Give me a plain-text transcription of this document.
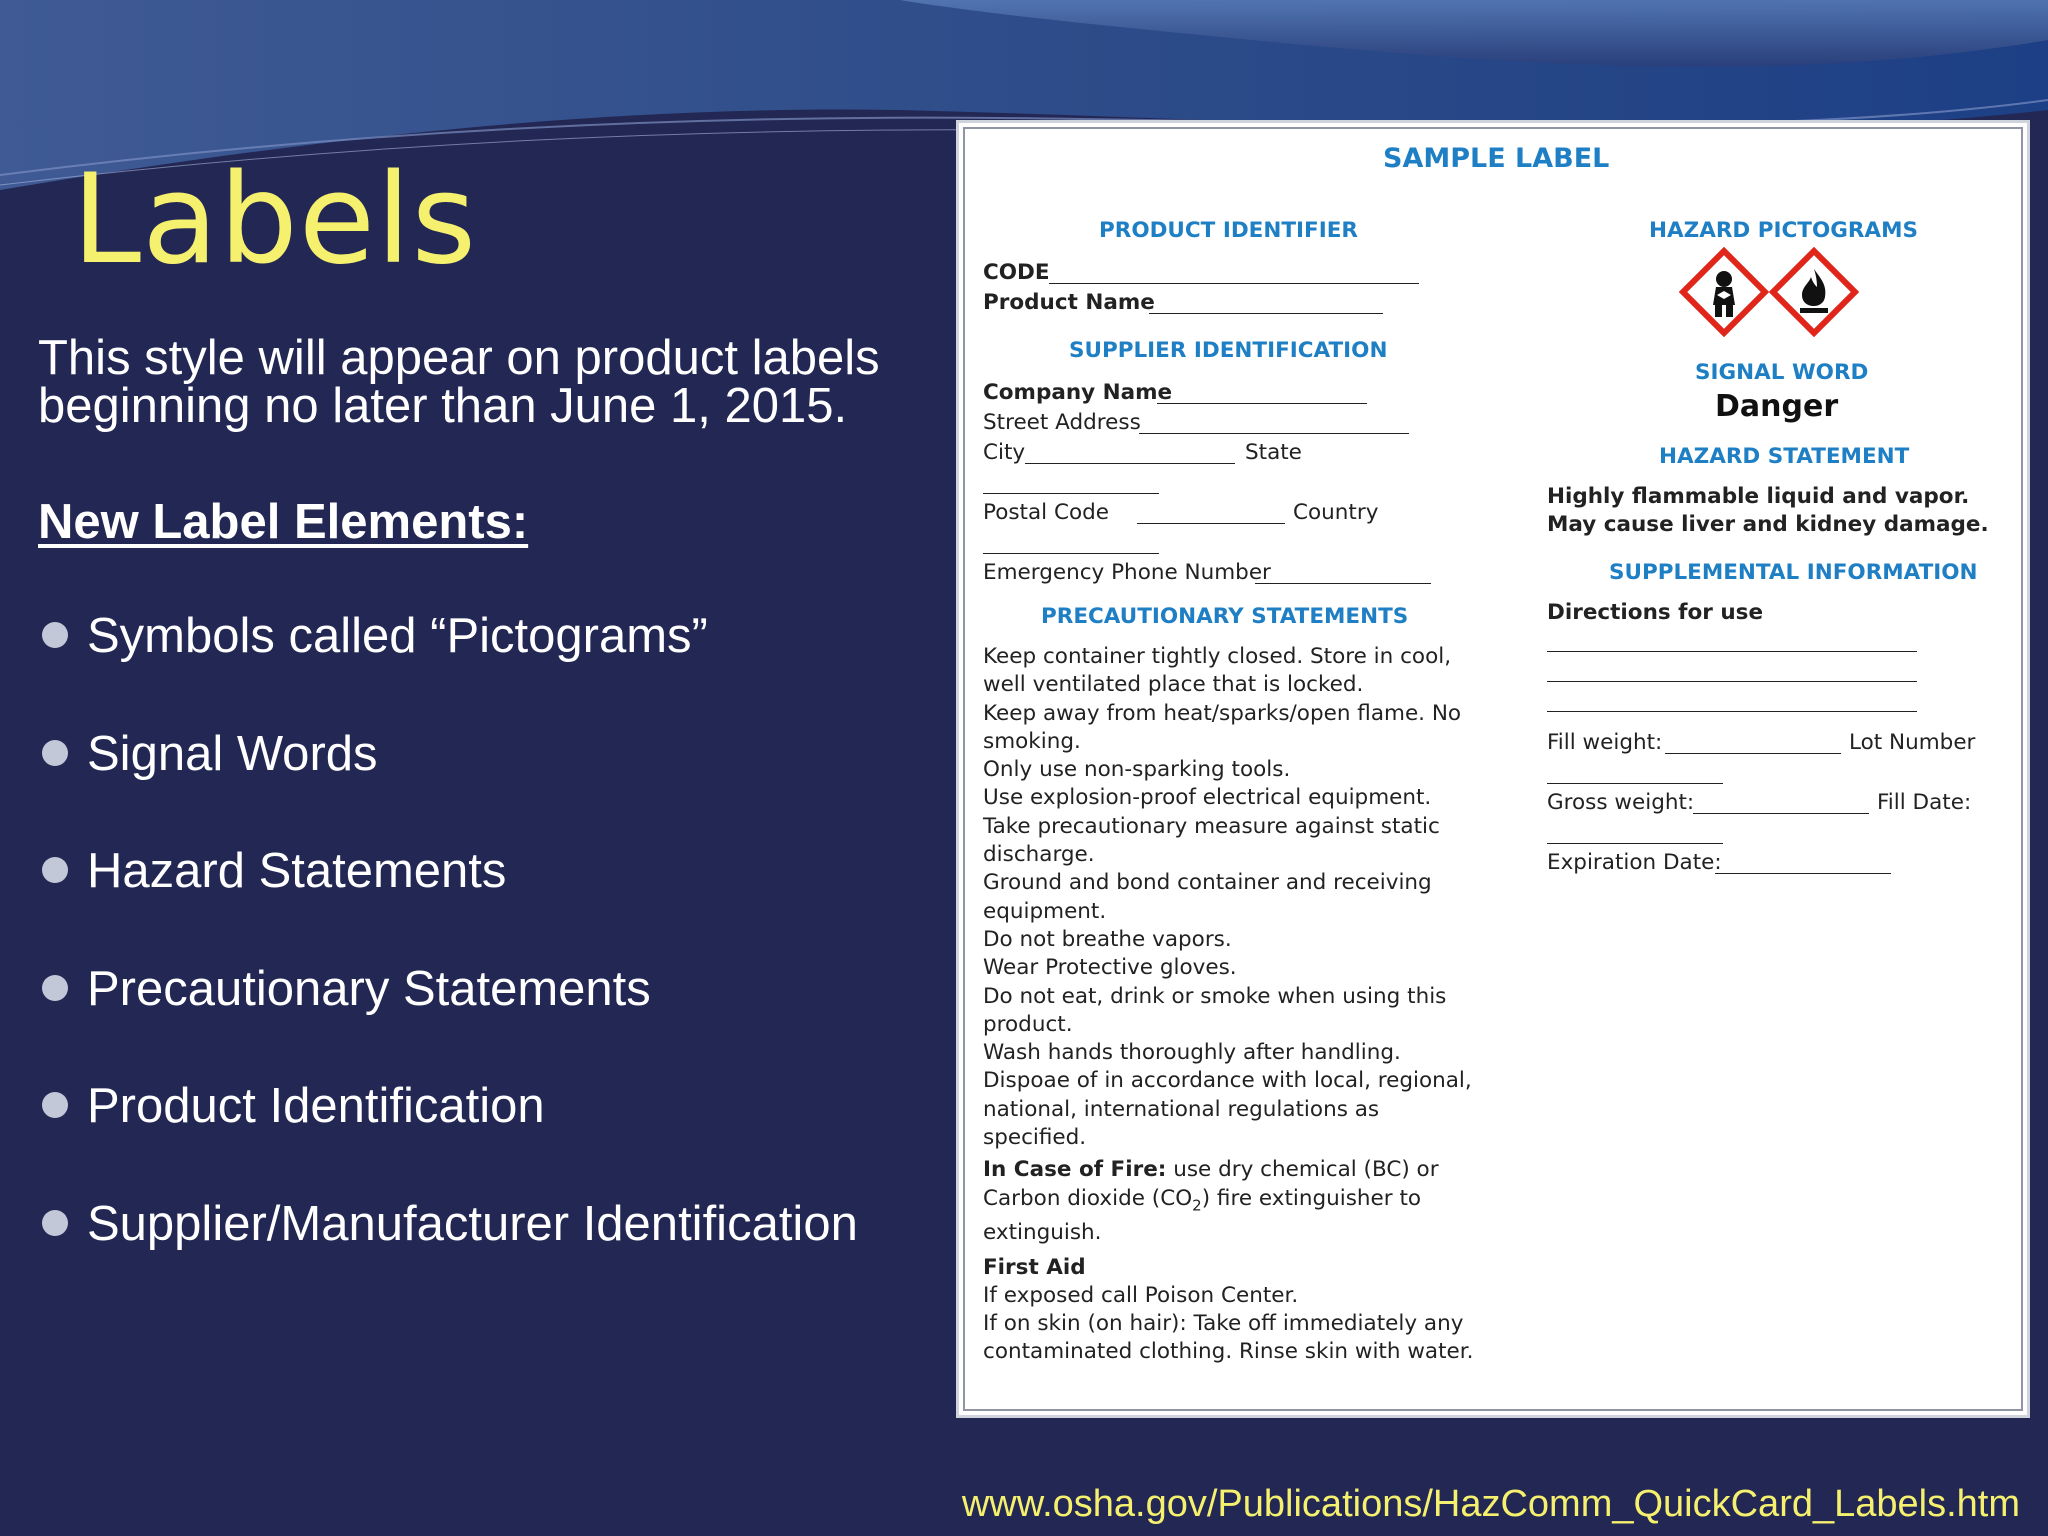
Labels
This style will appear on product labels
beginning no later than June 1, 2015.
New Label Elements:
Symbols called “Pictograms”
Signal Words
Hazard Statements
Precautionary Statements
Product Identification
Supplier/Manufacturer Identification
www.osha.gov/Publications/HazComm_QuickCard_Labels.htm
SAMPLE LABEL
PRODUCT IDENTIFIER
CODE
Product Name
SUPPLIER IDENTIFICATION
Company Name
Street Address
City	State
Postal Code	Country
Emergency Phone Number
PRECAUTIONARY STATEMENTS
Keep container tightly closed. Store in cool,
well ventilated place that is locked.
Keep away from heat/sparks/open flame. No
smoking.
Only use non-sparking tools.
Use explosion-proof electrical equipment.
Take precautionary measure against static
discharge.
Ground and bond container and receiving
equipment.
Do not breathe vapors.
Wear Protective gloves.
Do not eat, drink or smoke when using this
product.
Wash hands thoroughly after handling.
Dispoae of in accordance with local, regional,
national, international regulations as
specified.
In Case of Fire: use dry chemical (BC) or
Carbon dioxide $(CO_2)$ fire extinguisher to
extinguish.
First Aid
If exposed call Poison Center.
If on skin (on hair): Take off immediately any
contaminated clothing. Rinse skin with water.
HAZARD PICTOGRAMS
SIGNAL WORD
Danger
HAZARD STATEMENT
Highly flammable liquid and vapor.
May cause liver and kidney damage.
SUPPLEMENTAL INFORMATION
Directions for use
Fill weight:	Lot Number
Gross weight:	Fill Date:
Expiration Date:
